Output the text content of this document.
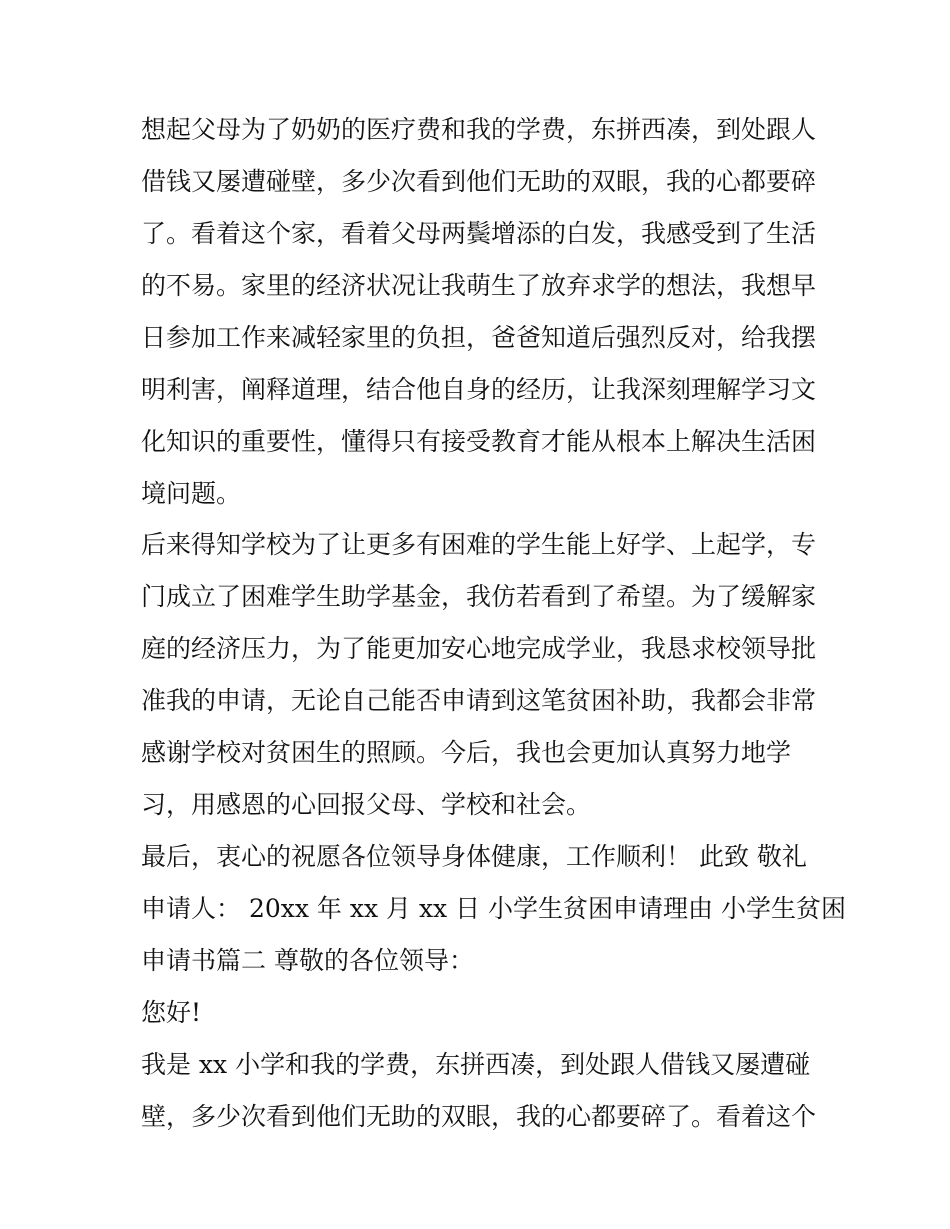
想起父母为了奶奶的医疗费和我的学费，东拼西凑，到处跟人
借钱又屡遭碰壁，多少次看到他们无助的双眼，我的心都要碎
了。看着这个家，看着父母两鬓增添的白发，我感受到了生活
的不易。家里的经济状况让我萌生了放弃求学的想法，我想早
日参加工作来减轻家里的负担，爸爸知道后强烈反对，给我摆
明利害，阐释道理，结合他自身的经历，让我深刻理解学习文
化知识的重要性，懂得只有接受教育才能从根本上解决生活困
境问题。
后来得知学校为了让更多有困难的学生能上好学、上起学，专
门成立了困难学生助学基金，我仿若看到了希望。为了缓解家
庭的经济压力，为了能更加安心地完成学业，我恳求校领导批
准我的申请，无论自己能否申请到这笔贫困补助，我都会非常
感谢学校对贫困生的照顾。今后，我也会更加认真努力地学
习，用感恩的心回报父母、学校和社会。
最后，衷心的祝愿各位领导身体健康，工作顺利！ 此致 敬礼
申请人： 20xx 年 xx 月 xx 日 小学生贫困申请理由 小学生贫困
申请书篇二 尊敬的各位领导：
您好!
我是 xx 小学和我的学费，东拼西凑，到处跟人借钱又屡遭碰
壁，多少次看到他们无助的双眼，我的心都要碎了。看着这个
